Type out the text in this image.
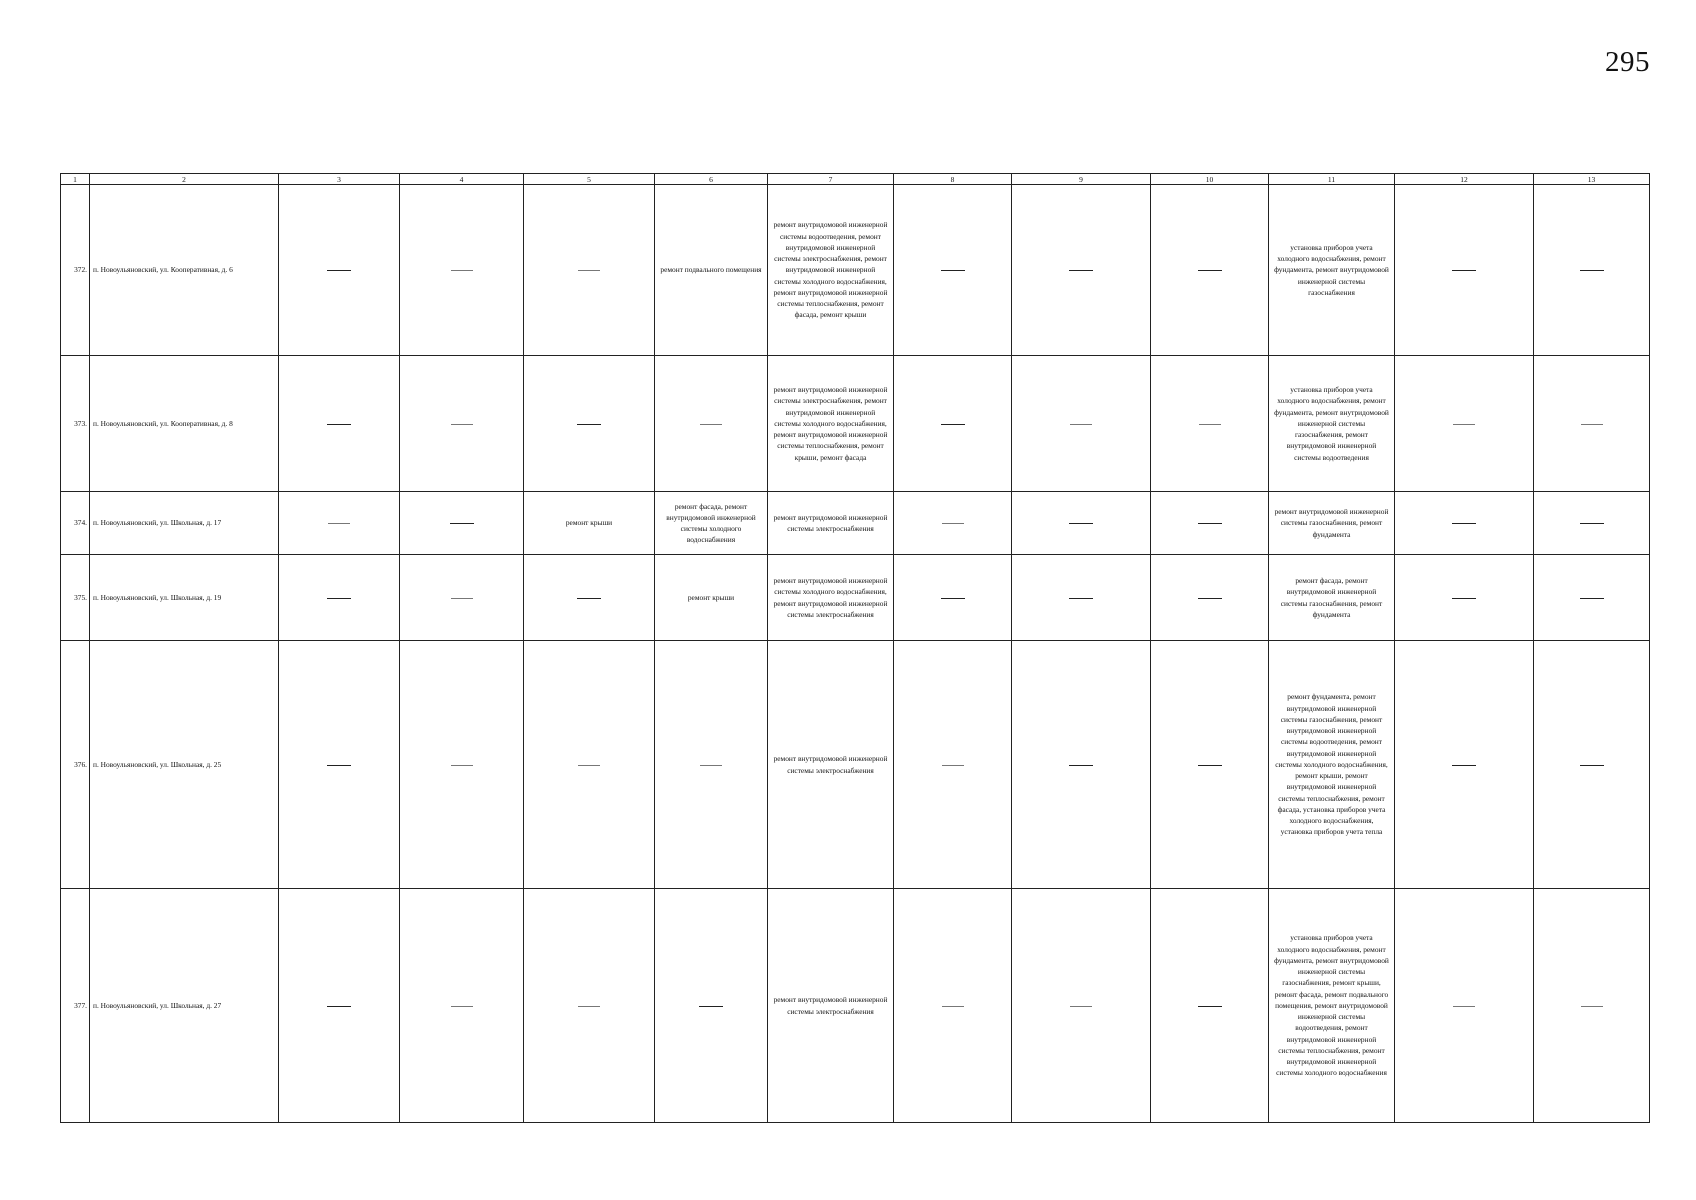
295
1	2	3	4	5	6	7	8	9	10	11	12	13
372.	п. Новоульяновский, ул. Кооперативная, д. 6				ремонт подвального помещения	ремонт внутридомовой инженерной системы водоотведения, ремонт внутридомовой инженерной системы электроснабжения, ремонт внутридомовой инженерной системы холодного водоснабжения, ремонт внутридомовой инженерной системы теплоснабжения, ремонт фасада, ремонт крыши				установка приборов учета холодного водоснабжения, ремонт фундамента, ремонт внутридомовой инженерной системы газоснабжения		

373.	п. Новоульяновский, ул. Кооперативная, д. 8					ремонт внутридомовой инженерной системы электроснабжения, ремонт внутридомовой инженерной системы холодного водоснабжения, ремонт внутридомовой инженерной системы теплоснабжения, ремонт крыши, ремонт фасада				установка приборов учета холодного водоснабжения, ремонт фундамента, ремонт внутридомовой инженерной системы газоснабжения, ремонт внутридомовой инженерной системы водоотведения		

374.	п. Новоульяновский, ул. Школьная, д. 17			ремонт крыши	ремонт фасада, ремонт внутридомовой инженерной системы холодного водоснабжения	ремонт внутридомовой инженерной системы электроснабжения				ремонт внутридомовой инженерной системы газоснабжения, ремонт фундамента		

375.	п. Новоульяновский, ул. Школьная, д. 19				ремонт крыши	ремонт внутридомовой инженерной системы холодного водоснабжения, ремонт внутридомовой инженерной системы электроснабжения				ремонт фасада, ремонт внутридомовой инженерной системы газоснабжения, ремонт фундамента		

376.	п. Новоульяновский, ул. Школьная, д. 25					ремонт внутридомовой инженерной системы электроснабжения				ремонт фундамента, ремонт внутридомовой инженерной системы газоснабжения, ремонт внутридомовой инженерной системы водоотведения, ремонт внутридомовой инженерной системы холодного водоснабжения, ремонт крыши, ремонт внутридомовой инженерной системы теплоснабжения, ремонт фасада, установка приборов учета холодного водоснабжения, установка приборов учета тепла		

377.	п. Новоульяновский, ул. Школьная, д. 27					ремонт внутридомовой инженерной системы электроснабжения				установка приборов учета холодного водоснабжения, ремонт фундамента, ремонт внутридомовой инженерной системы газоснабжения, ремонт крыши, ремонт фасада, ремонт подвального помещения, ремонт внутридомовой инженерной системы водоотведения, ремонт внутридомовой инженерной системы теплоснабжения, ремонт внутридомовой инженерной системы холодного водоснабжения		
